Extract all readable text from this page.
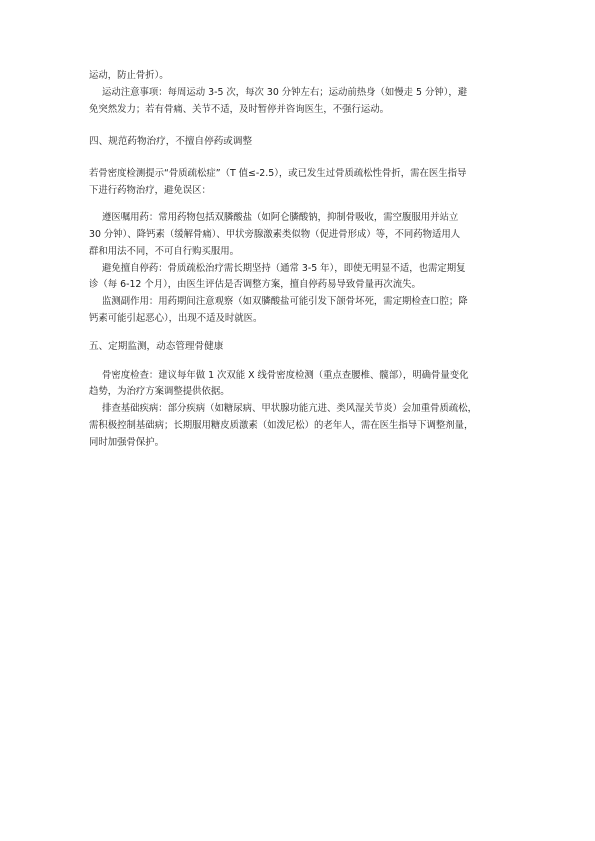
运动，防止骨折）。
运动注意事项：每周运动 3-5 次，每次 30 分钟左右；运动前热身（如慢走 5 分钟），避
免突然发力；若有骨痛、关节不适，及时暂停并咨询医生，不强行运动。
四、规范药物治疗，不擅自停药或调整
若骨密度检测提示“骨质疏松症”（T 值≤-2.5），或已发生过骨质疏松性骨折，需在医生指导
下进行药物治疗，避免误区：
遵医嘱用药：常用药物包括双膦酸盐（如阿仑膦酸钠，抑制骨吸收，需空腹服用并站立
30 分钟）、降钙素（缓解骨痛）、甲状旁腺激素类似物（促进骨形成）等，不同药物适用人
群和用法不同，不可自行购买服用。
避免擅自停药：骨质疏松治疗需长期坚持（通常 3-5 年），即使无明显不适，也需定期复
诊（每 6-12 个月），由医生评估是否调整方案，擅自停药易导致骨量再次流失。
监测副作用：用药期间注意观察（如双膦酸盐可能引发下颌骨坏死，需定期检查口腔；降
钙素可能引起恶心），出现不适及时就医。
五、定期监测，动态管理骨健康
骨密度检查：建议每年做 1 次双能 X 线骨密度检测（重点查腰椎、髋部），明确骨量变化
趋势，为治疗方案调整提供依据。
排查基础疾病：部分疾病（如糖尿病、甲状腺功能亢进、类风湿关节炎）会加重骨质疏松，
需积极控制基础病；长期服用糖皮质激素（如泼尼松）的老年人，需在医生指导下调整剂量，
同时加强骨保护。
